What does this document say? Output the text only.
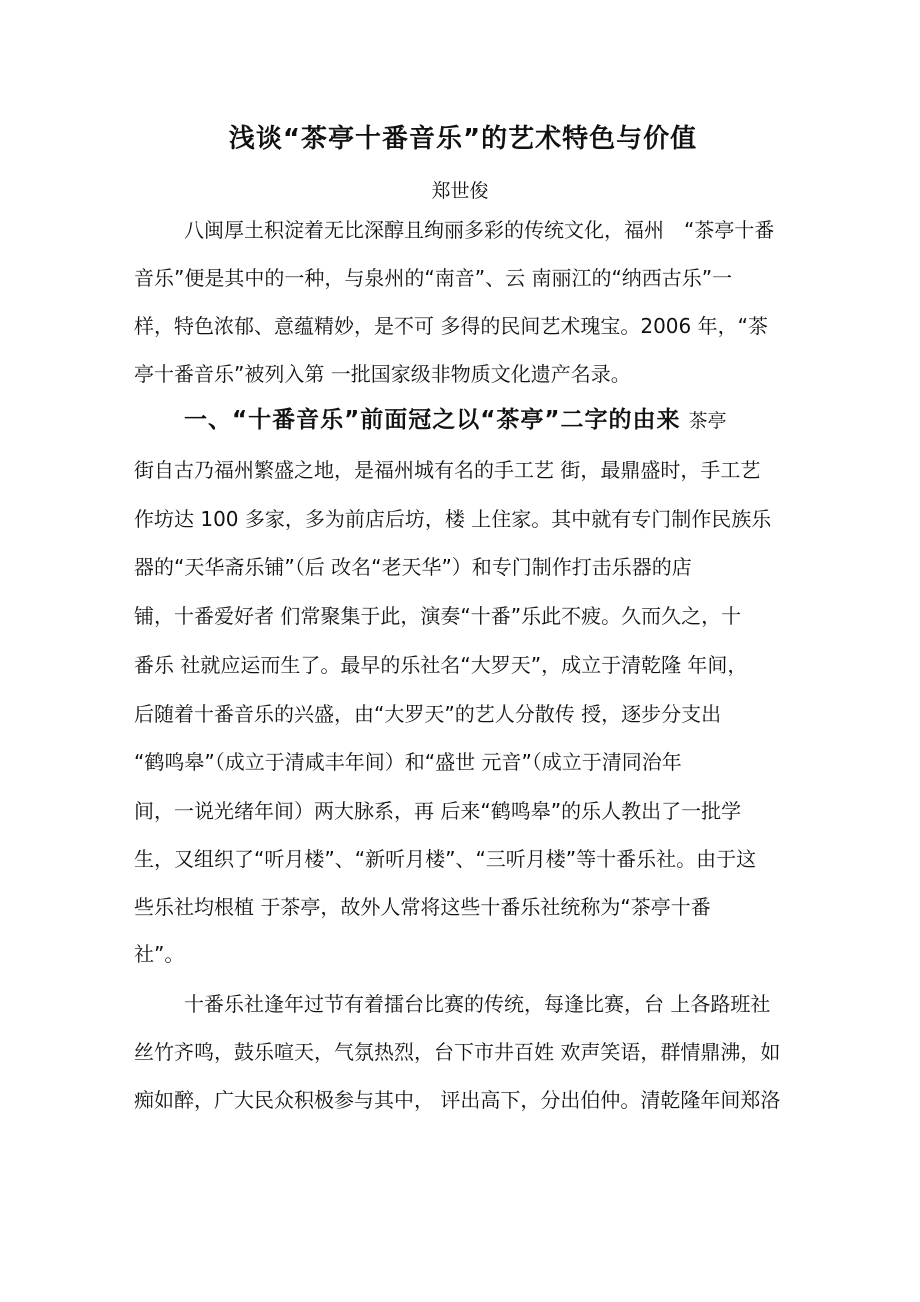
浅谈“茶亭十番音乐”的艺术特色与价值

郑世俊

八闽厚土积淀着无比深醇且绚丽多彩的传统文化，福州　“茶亭十番

音乐”便是其中的一种，与泉州的“南音”、云 南丽江的“纳西古乐”一

样，特色浓郁、意蕴精妙，是不可 多得的民间艺术瑰宝。2006 年，“茶

亭十番音乐”被列入第 一批国家级非物质文化遗产名录。

一、“十番音乐”前面冠之以“茶亭”二字的由来 茶亭

街自古乃福州繁盛之地，是福州城有名的手工艺 街，最鼎盛时，手工艺

作坊达 100 多家，多为前店后坊，楼 上住家。其中就有专门制作民族乐

器的“天华斋乐铺”（后 改名“老天华”）和专门制作打击乐器的店

铺，十番爱好者 们常聚集于此，演奏“十番”乐此不疲。久而久之，十

番乐 社就应运而生了。最早的乐社名“大罗天”，成立于清乾隆 年间，

后随着十番音乐的兴盛，由“大罗天”的艺人分散传 授，逐步分支出

“鹤鸣皋”（成立于清咸丰年间）和“盛世 元音”（成立于清同治年

间，一说光绪年间）两大脉系，再 后来“鹤鸣皋”的乐人教出了一批学

生，又组织了“听月楼”、“新听月楼”、“三听月楼”等十番乐社。由于这

些乐社均根植 于茶亭，故外人常将这些十番乐社统称为“茶亭十番

社”。

十番乐社逢年过节有着擂台比赛的传统，每逢比赛，台 上各路班社

丝竹齐鸣，鼓乐喧天，气氛热烈，台下市井百姓 欢声笑语，群情鼎沸，如

痴如醉，广大民众积极参与其中， 评出高下，分出伯仲。清乾隆年间郑洛
